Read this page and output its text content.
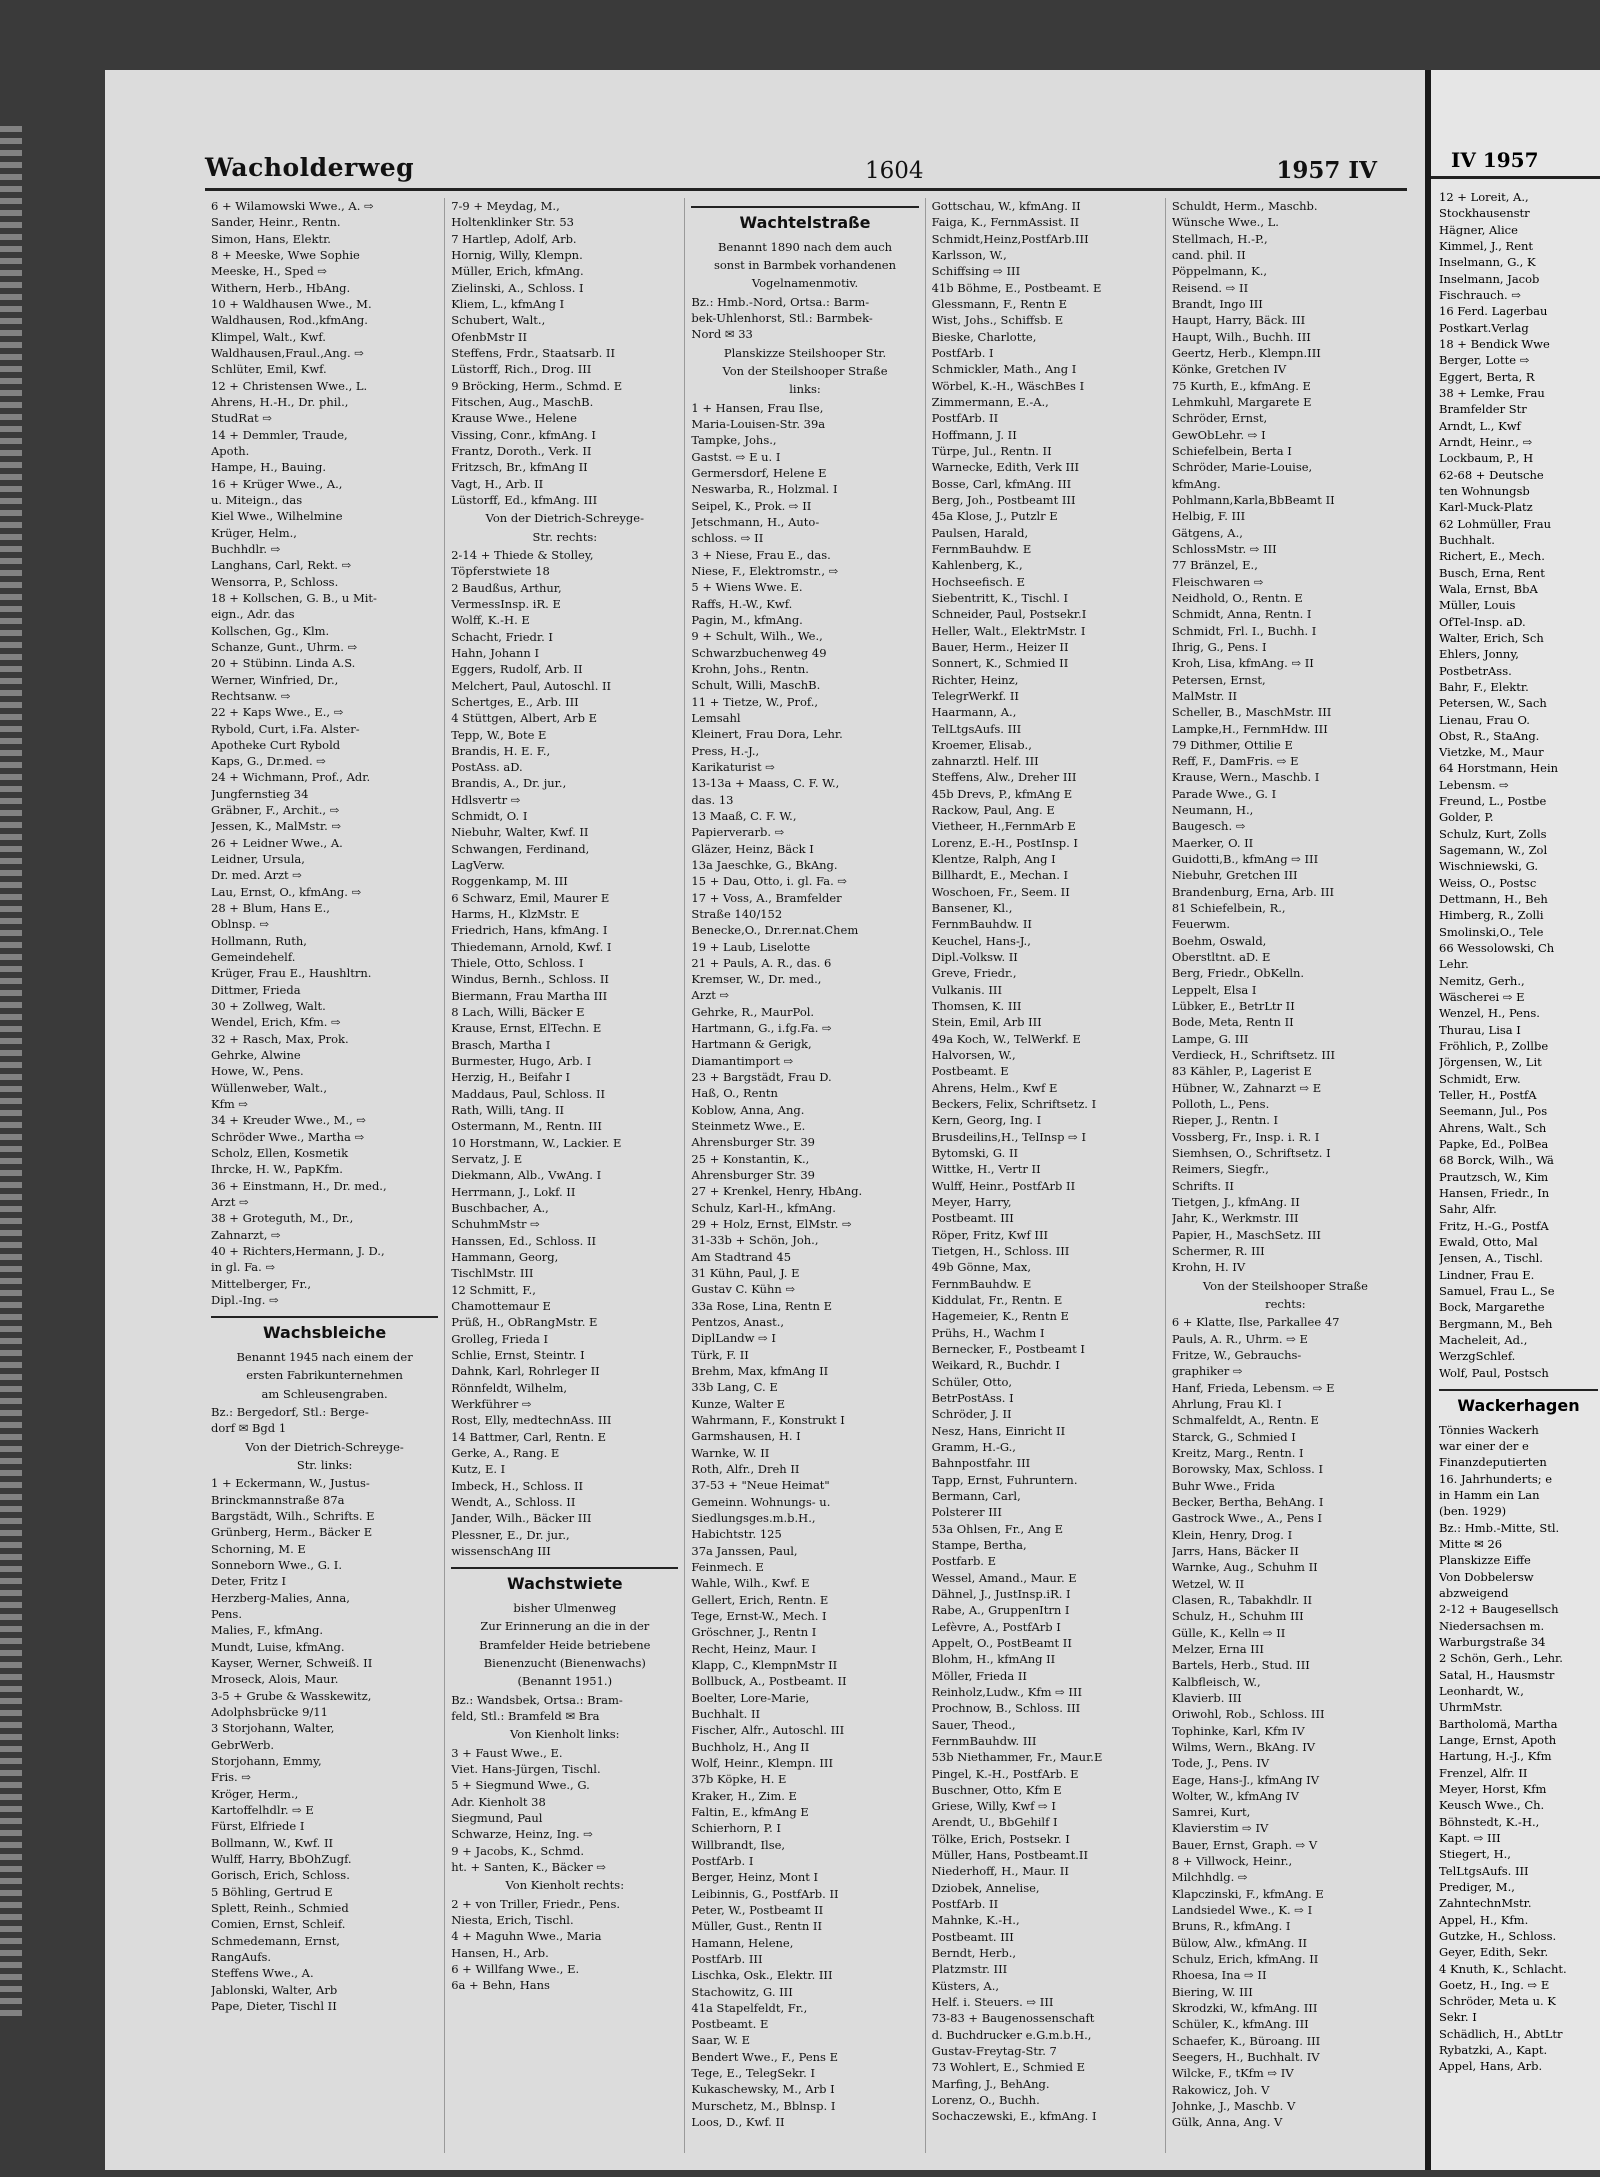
Wacholderweg	1604	1957 IV
6 + Wilamowski Wwe., A. ⇨
Sander, Heinr., Rentn.
Simon, Hans, Elektr.
8 + Meeske, Wwe Sophie
Meeske, H., Sped ⇨
Withern, Herb., HbAng.
10 + Waldhausen Wwe., M.
Waldhausen, Rod.,kfmAng.
Klimpel, Walt., Kwf.
Waldhausen,Fraul.,Ang. ⇨
Schlüter, Emil, Kwf.
12 + Christensen Wwe., L.
Ahrens, H.-H., Dr. phil.,
StudRat ⇨
14 + Demmler, Traude,
Apoth.
Hampe, H., Bauing.
16 + Krüger Wwe., A.,
u. Miteign., das
Kiel Wwe., Wilhelmine
Krüger, Helm.,
Buchhdlr. ⇨
Langhans, Carl, Rekt. ⇨
Wensorra, P., Schloss.
18 + Kollschen, G. B., u Mit-
eign., Adr. das
Kollschen, Gg., Klm.
Schanze, Gunt., Uhrm. ⇨
20 + Stübinn. Linda A.S.
Werner, Winfried, Dr.,
Rechtsanw. ⇨
22 + Kaps Wwe., E., ⇨
Rybold, Curt, i.Fa. Alster-
Apotheke Curt Rybold
Kaps, G., Dr.med. ⇨
24 + Wichmann, Prof., Adr.
Jungfernstieg 34
Gräbner, F., Archit., ⇨
Jessen, K., MalMstr. ⇨
26 + Leidner Wwe., A.
Leidner, Ursula,
Dr. med. Arzt ⇨
Lau, Ernst, O., kfmAng. ⇨
28 + Blum, Hans E.,
Oblnsp. ⇨
Hollmann, Ruth,
Gemeindehelf.
Krüger, Frau E., Haushltrn.
Dittmer, Frieda
30 + Zollweg, Walt.
Wendel, Erich, Kfm. ⇨
32 + Rasch, Max, Prok.
Gehrke, Alwine
Howe, W., Pens.
Wüllenweber, Walt.,
Kfm ⇨
34 + Kreuder Wwe., M., ⇨
Schröder Wwe., Martha ⇨
Scholz, Ellen, Kosmetik
Ihrcke, H. W., PapKfm.
36 + Einstmann, H., Dr. med.,
Arzt ⇨
38 + Groteguth, M., Dr.,
Zahnarzt, ⇨
40 + Richters,Hermann, J. D.,
in gl. Fa. ⇨
Mittelberger, Fr.,
Dipl.-Ing. ⇨
Wachsbleiche
Benannt 1945 nach einem der
ersten Fabrikunternehmen
am Schleusengraben.
Bz.: Bergedorf, Stl.: Berge-
dorf ✉ Bgd 1
Von der Dietrich-Schreyge-
Str. links:
1 + Eckermann, W., Justus-
Brinckmannstraße 87a
Bargstädt, Wilh., Schrifts. E
Grünberg, Herm., Bäcker E
Schorning, M. E
Sonneborn Wwe., G. I.
Deter, Fritz I
Herzberg-Malies, Anna,
Pens.
Malies, F., kfmAng.
Mundt, Luise, kfmAng.
Kayser, Werner, Schweiß. II
Mroseck, Alois, Maur.
3-5 + Grube & Wasskewitz,
Adolphsbrücke 9/11
3 Storjohann, Walter,
GebrWerb.
Storjohann, Emmy,
Fris. ⇨
Kröger, Herm.,
Kartoffelhdlr. ⇨ E
Fürst, Elfriede I
Bollmann, W., Kwf. II
Wulff, Harry, BbOhZugf.
Gorisch, Erich, Schloss.
5 Böhling, Gertrud E
Splett, Reinh., Schmied
Comien, Ernst, Schleif.
Schmedemann, Ernst,
RangAufs.
Steffens Wwe., A.
Jablonski, Walter, Arb
Pape, Dieter, Tischl II
7-9 + Meydag, M.,
Holtenklinker Str. 53
7 Hartlep, Adolf, Arb.
Hornig, Willy, Klempn.
Müller, Erich, kfmAng.
Zielinski, A., Schloss. I
Kliem, L., kfmAng I
Schubert, Walt.,
OfenbMstr II
Steffens, Frdr., Staatsarb. II
Lüstorff, Rich., Drog. III
9 Bröcking, Herm., Schmd. E
Fitschen, Aug., MaschB.
Krause Wwe., Helene
Vissing, Conr., kfmAng. I
Frantz, Doroth., Verk. II
Fritzsch, Br., kfmAng II
Vagt, H., Arb. II
Lüstorff, Ed., kfmAng. III
Von der Dietrich-Schreyge-
Str. rechts:
2-14 + Thiede & Stolley,
Töpferstwiete 18
2 Baudßus, Arthur,
VermessInsp. iR. E
Wolff, K.-H. E
Schacht, Friedr. I
Hahn, Johann I
Eggers, Rudolf, Arb. II
Melchert, Paul, Autoschl. II
Schertges, E., Arb. III
4 Stüttgen, Albert, Arb E
Tepp, W., Bote E
Brandis, H. E. F.,
PostAss. aD.
Brandis, A., Dr. jur.,
Hdlsvertr ⇨
Schmidt, O. I
Niebuhr, Walter, Kwf. II
Schwangen, Ferdinand,
LagVerw.
Roggenkamp, M. III
6 Schwarz, Emil, Maurer E
Harms, H., KlzMstr. E
Friedrich, Hans, kfmAng. I
Thiedemann, Arnold, Kwf. I
Thiele, Otto, Schloss. I
Windus, Bernh., Schloss. II
Biermann, Frau Martha III
8 Lach, Willi, Bäcker E
Krause, Ernst, ElTechn. E
Brasch, Martha I
Burmester, Hugo, Arb. I
Herzig, H., Beifahr I
Maddaus, Paul, Schloss. II
Rath, Willi, tAng. II
Ostermann, M., Rentn. III
10 Horstmann, W., Lackier. E
Servatz, J. E
Diekmann, Alb., VwAng. I
Herrmann, J., Lokf. II
Buschbacher, A.,
SchuhmMstr ⇨
Hanssen, Ed., Schloss. II
Hammann, Georg,
TischlMstr. III
12 Schmitt, F.,
Chamottemaur E
Prüß, H., ObRangMstr. E
Grolleg, Frieda I
Schlie, Ernst, Steintr. I
Dahnk, Karl, Rohrleger II
Rönnfeldt, Wilhelm,
Werkführer ⇨
Rost, Elly, medtechnAss. III
14 Battmer, Carl, Rentn. E
Gerke, A., Rang. E
Kutz, E. I
Imbeck, H., Schloss. II
Wendt, A., Schloss. II
Jander, Wilh., Bäcker III
Plessner, E., Dr. jur.,
wissenschAng III
Wachstwiete
bisher Ulmenweg
Zur Erinnerung an die in der
Bramfelder Heide betriebene
Bienenzucht (Bienenwachs)
(Benannt 1951.)
Bz.: Wandsbek, Ortsa.: Bram-
feld, Stl.: Bramfeld ✉ Bra
Von Kienholt links:
3 + Faust Wwe., E.
Viet. Hans-Jürgen, Tischl.
5 + Siegmund Wwe., G.
Adr. Kienholt 38
Siegmund, Paul
Schwarze, Heinz, Ing. ⇨
9 + Jacobs, K., Schmd.
ht. + Santen, K., Bäcker ⇨
Von Kienholt rechts:
2 + von Triller, Friedr., Pens.
Niesta, Erich, Tischl.
4 + Maguhn Wwe., Maria
Hansen, H., Arb.
6 + Willfang Wwe., E.
6a + Behn, Hans
Wachtelstraße
Benannt 1890 nach dem auch
sonst in Barmbek vorhandenen
Vogelnamenmotiv.
Bz.: Hmb.-Nord, Ortsa.: Barm-
bek-Uhlenhorst, Stl.: Barmbek-
Nord ✉ 33
Planskizze Steilshooper Str.
Von der Steilshooper Straße
links:
1 + Hansen, Frau Ilse,
Maria-Louisen-Str. 39a
Tampke, Johs.,
Gastst. ⇨ E u. I
Germersdorf, Helene E
Neswarba, R., Holzmal. I
Seipel, K., Prok. ⇨ II
Jetschmann, H., Auto-
schloss. ⇨ II
3 + Niese, Frau E., das.
Niese, F., Elektromstr., ⇨
5 + Wiens Wwe. E.
Raffs, H.-W., Kwf.
Pagin, M., kfmAng.
9 + Schult, Wilh., We.,
Schwarzbuchenweg 49
Krohn, Johs., Rentn.
Schult, Willi, MaschB.
11 + Tietze, W., Prof.,
Lemsahl
Kleinert, Frau Dora, Lehr.
Press, H.-J.,
Karikaturist ⇨
13-13a + Maass, C. F. W.,
das. 13
13 Maaß, C. F. W.,
Papierverarb. ⇨
Gläzer, Heinz, Bäck I
13a Jaeschke, G., BkAng.
15 + Dau, Otto, i. gl. Fa. ⇨
17 + Voss, A., Bramfelder
Straße 140/152
Benecke,O., Dr.rer.nat.Chem
19 + Laub, Liselotte
21 + Pauls, A. R., das. 6
Kremser, W., Dr. med.,
Arzt ⇨
Gehrke, R., MaurPol.
Hartmann, G., i.fg.Fa. ⇨
Hartmann & Gerigk,
Diamantimport ⇨
23 + Bargstädt, Frau D.
Haß, O., Rentn
Koblow, Anna, Ang.
Steinmetz Wwe., E.
Ahrensburger Str. 39
25 + Konstantin, K.,
Ahrensburger Str. 39
27 + Krenkel, Henry, HbAng.
Schulz, Karl-H., kfmAng.
29 + Holz, Ernst, ElMstr. ⇨
31-33b + Schön, Joh.,
Am Stadtrand 45
31 Kühn, Paul, J. E
Gustav C. Kühn ⇨
33a Rose, Lina, Rentn E
Pentzos, Anast.,
DiplLandw ⇨ I
Türk, F. II
Brehm, Max, kfmAng II
33b Lang, C. E
Kunze, Walter E
Wahrmann, F., Konstrukt I
Garmshausen, H. I
Warnke, W. II
Roth, Alfr., Dreh II
37-53 + "Neue Heimat"
Gemeinn. Wohnungs- u.
Siedlungsges.m.b.H.,
Habichtstr. 125
37a Janssen, Paul,
Feinmech. E
Wahle, Wilh., Kwf. E
Gellert, Erich, Rentn. E
Tege, Ernst-W., Mech. I
Gröschner, J., Rentn I
Recht, Heinz, Maur. I
Klapp, C., KlempnMstr II
Bollbuck, A., Postbeamt. II
Boelter, Lore-Marie,
Buchhalt. II
Fischer, Alfr., Autoschl. III
Buchholz, H., Ang II
Wolf, Heinr., Klempn. III
37b Köpke, H. E
Kraker, H., Zim. E
Faltin, E., kfmAng E
Schierhorn, P. I
Willbrandt, Ilse,
PostfArb. I
Berger, Heinz, Mont I
Leibinnis, G., PostfArb. II
Peter, W., Postbeamt II
Müller, Gust., Rentn II
Hamann, Helene,
PostfArb. III
Lischka, Osk., Elektr. III
Stachowitz, G. III
41a Stapelfeldt, Fr.,
Postbeamt. E
Saar, W. E
Bendert Wwe., F., Pens E
Tege, E., TelegSekr. I
Kukaschewsky, M., Arb I
Murschetz, M., Bblnsp. I
Loos, D., Kwf. II
Gottschau, W., kfmAng. II
Faiga, K., FernmAssist. II
Schmidt,Heinz,PostfArb.III
Karlsson, W.,
Schiffsing ⇨ III
41b Böhme, E., Postbeamt. E
Glessmann, F., Rentn E
Wist, Johs., Schiffsb. E
Bieske, Charlotte,
PostfArb. I
Schmickler, Math., Ang I
Wörbel, K.-H., WäschBes I
Zimmermann, E.-A.,
PostfArb. II
Hoffmann, J. II
Türpe, Jul., Rentn. II
Warnecke, Edith, Verk III
Bosse, Carl, kfmAng. III
Berg, Joh., Postbeamt III
45a Klose, J., Putzlr E
Paulsen, Harald,
FernmBauhdw. E
Kahlenberg, K.,
Hochseefisch. E
Siebentritt, K., Tischl. I
Schneider, Paul, Postsekr.I
Heller, Walt., ElektrMstr. I
Bauer, Herm., Heizer II
Sonnert, K., Schmied II
Richter, Heinz,
TelegrWerkf. II
Haarmann, A.,
TelLtgsAufs. III
Kroemer, Elisab.,
zahnarztl. Helf. III
Steffens, Alw., Dreher III
45b Drevs, P., kfmAng E
Rackow, Paul, Ang. E
Vietheer, H.,FernmArb E
Lorenz, E.-H., PostInsp. I
Klentze, Ralph, Ang I
Billhardt, E., Mechan. I
Woschoen, Fr., Seem. II
Bansener, Kl.,
FernmBauhdw. II
Keuchel, Hans-J.,
Dipl.-Volksw. II
Greve, Friedr.,
Vulkanis. III
Thomsen, K. III
Stein, Emil, Arb III
49a Koch, W., TelWerkf. E
Halvorsen, W.,
Postbeamt. E
Ahrens, Helm., Kwf E
Beckers, Felix, Schriftsetz. I
Kern, Georg, Ing. I
Brusdeilins,H., TelInsp ⇨ I
Bytomski, G. II
Wittke, H., Vertr II
Wulff, Heinr., PostfArb II
Meyer, Harry,
Postbeamt. III
Röper, Fritz, Kwf III
Tietgen, H., Schloss. III
49b Gönne, Max,
FernmBauhdw. E
Kiddulat, Fr., Rentn. E
Hagemeier, K., Rentn E
Prühs, H., Wachm I
Bernecker, F., Postbeamt I
Weikard, R., Buchdr. I
Schüler, Otto,
BetrPostAss. I
Schröder, J. II
Nesz, Hans, Einricht II
Gramm, H.-G.,
Bahnpostfahr. III
Tapp, Ernst, Fuhruntern.
Bermann, Carl,
Polsterer III
53a Ohlsen, Fr., Ang E
Stampe, Bertha,
Postfarb. E
Wessel, Amand., Maur. E
Dähnel, J., JustInsp.iR. I
Rabe, A., GruppenItrn I
Lefèvre, A., PostfArb I
Appelt, O., PostBeamt II
Blohm, H., kfmAng II
Möller, Frieda II
Reinholz,Ludw., Kfm ⇨ III
Prochnow, B., Schloss. III
Sauer, Theod.,
FernmBauhdw. III
53b Niethammer, Fr., Maur.E
Pingel, K.-H., PostfArb. E
Buschner, Otto, Kfm E
Griese, Willy, Kwf ⇨ I
Arendt, U., BbGehilf I
Tölke, Erich, Postsekr. I
Müller, Hans, Postbeamt.II
Niederhoff, H., Maur. II
Dziobek, Annelise,
PostfArb. II
Mahnke, K.-H.,
Postbeamt. III
Berndt, Herb.,
Platzmstr. III
Küsters, A.,
Helf. i. Steuers. ⇨ III
73-83 + Baugenossenschaft
d. Buchdrucker e.G.m.b.H.,
Gustav-Freytag-Str. 7
73 Wohlert, E., Schmied E
Marfing, J., BehAng.
Lorenz, O., Buchh.
Sochaczewski, E., kfmAng. I
Schuldt, Herm., Maschb.
Wünsche Wwe., L.
Stellmach, H.-P.,
cand. phil. II
Pöppelmann, K.,
Reisend. ⇨ II
Brandt, Ingo III
Haupt, Harry, Bäck. III
Haupt, Wilh., Buchh. III
Geertz, Herb., Klempn.III
Könke, Gretchen IV
75 Kurth, E., kfmAng. E
Lehmkuhl, Margarete E
Schröder, Ernst,
GewObLehr. ⇨ I
Schiefelbein, Berta I
Schröder, Marie-Louise,
kfmAng.
Pohlmann,Karla,BbBeamt II
Helbig, F. III
Gätgens, A.,
SchlossMstr. ⇨ III
77 Bränzel, E.,
Fleischwaren ⇨
Neidhold, O., Rentn. E
Schmidt, Anna, Rentn. I
Schmidt, Frl. I., Buchh. I
Ihrig, G., Pens. I
Kroh, Lisa, kfmAng. ⇨ II
Petersen, Ernst,
MalMstr. II
Scheller, B., MaschMstr. III
Lampke,H., FernmHdw. III
79 Dithmer, Ottilie E
Reff, F., DamFris. ⇨ E
Krause, Wern., Maschb. I
Parade Wwe., G. I
Neumann, H.,
Baugesch. ⇨
Maerker, O. II
Guidotti,B., kfmAng ⇨ III
Niebuhr, Gretchen III
Brandenburg, Erna, Arb. III
81 Schiefelbein, R.,
Feuerwm.
Boehm, Oswald,
Oberstltnt. aD. E
Berg, Friedr., ObKelln.
Leppelt, Elsa I
Lübker, E., BetrLtr II
Bode, Meta, Rentn II
Lampe, G. III
Verdieck, H., Schriftsetz. III
83 Kähler, P., Lagerist E
Hübner, W., Zahnarzt ⇨ E
Polloth, L., Pens.
Rieper, J., Rentn. I
Vossberg, Fr., Insp. i. R. I
Siemhsen, O., Schriftsetz. I
Reimers, Siegfr.,
Schrifts. II
Tietgen, J., kfmAng. II
Jahr, K., Werkmstr. III
Papier, H., MaschSetz. III
Schermer, R. III
Krohn, H. IV
Von der Steilshooper Straße
rechts:
6 + Klatte, Ilse, Parkallee 47
Pauls, A. R., Uhrm. ⇨ E
Fritze, W., Gebrauchs-
graphiker ⇨
Hanf, Frieda, Lebensm. ⇨ E
Ahrlung, Frau Kl. I
Schmalfeldt, A., Rentn. E
Starck, G., Schmied I
Kreitz, Marg., Rentn. I
Borowsky, Max, Schloss. I
Buhr Wwe., Frida
Becker, Bertha, BehAng. I
Gastrock Wwe., A., Pens I
Klein, Henry, Drog. I
Jarrs, Hans, Bäcker II
Warnke, Aug., Schuhm II
Wetzel, W. II
Clasen, R., Tabakhdlr. II
Schulz, H., Schuhm III
Gülle, K., Kelln ⇨ II
Melzer, Erna III
Bartels, Herb., Stud. III
Kalbfleisch, W.,
Klavierb. III
Oriwohl, Rob., Schloss. III
Tophinke, Karl, Kfm IV
Wilms, Wern., BkAng. IV
Tode, J., Pens. IV
Eage, Hans-J., kfmAng IV
Wolter, W., kfmAng IV
Samrei, Kurt,
Klavierstim ⇨ IV
Bauer, Ernst, Graph. ⇨ V
8 + Villwock, Heinr.,
Milchhdlg. ⇨
Klapczinski, F., kfmAng. E
Landsiedel Wwe., K. ⇨ I
Bruns, R., kfmAng. I
Bülow, Alw., kfmAng. II
Schulz, Erich, kfmAng. II
Rhoesa, Ina ⇨ II
Biering, W. III
Skrodzki, W., kfmAng. III
Schüler, K., kfmAng. III
Schaefer, K., Büroang. III
Seegers, H., Buchhalt. IV
Wilcke, F., tKfm ⇨ IV
Rakowicz, Joh. V
Johnke, J., Maschb. V
Gülk, Anna, Ang. V
IV 1957
12 + Loreit, A.,
Stockhausenstr
Hägner, Alice
Kimmel, J., Rent
Inselmann, G., K
Inselmann, Jacob
Fischrauch. ⇨
16 Ferd. Lagerbau
Postkart.Verlag
18 + Bendick Wwe
Berger, Lotte ⇨
Eggert, Berta, R
38 + Lemke, Frau
Bramfelder Str
Arndt, L., Kwf
Arndt, Heinr., ⇨
Lockbaum, P., H
62-68 + Deutsche
ten Wohnungsb
Karl-Muck-Platz
62 Lohmüller, Frau
Buchhalt.
Richert, E., Mech.
Busch, Erna, Rent
Wala, Ernst, BbA
Müller, Louis
OfTel-Insp. aD.
Walter, Erich, Sch
Ehlers, Jonny,
PostbetrAss.
Bahr, F., Elektr.
Petersen, W., Sach
Lienau, Frau O.
Obst, R., StaAng.
Vietzke, M., Maur
64 Horstmann, Hein
Lebensm. ⇨
Freund, L., Postbe
Golder, P.
Schulz, Kurt, Zolls
Sagemann, W., Zol
Wischniewski, G.
Weiss, O., Postsc
Dettmann, H., Beh
Himberg, R., Zolli
Smolinski,O., Tele
66 Wessolowski, Ch
Lehr.
Nemitz, Gerh.,
Wäscherei ⇨ E
Wenzel, H., Pens.
Thurau, Lisa I
Fröhlich, P., Zollbe
Jörgensen, W., Lit
Schmidt, Erw.
Teller, H., PostfA
Seemann, Jul., Pos
Ahrens, Walt., Sch
Papke, Ed., PolBea
68 Borck, Wilh., Wä
Prautzsch, W., Kim
Hansen, Friedr., In
Sahr, Alfr.
Fritz, H.-G., PostfA
Ewald, Otto, Mal
Jensen, A., Tischl.
Lindner, Frau E.
Samuel, Frau L., Se
Bock, Margarethe
Bergmann, M., Beh
Macheleit, Ad.,
WerzgSchlef.
Wolf, Paul, Postsch
Wackerhagen
Tönnies Wackerh
war einer der e
Finanzdeputierten
16. Jahrhunderts; e
in Hamm ein Lan
(ben. 1929)
Bz.: Hmb.-Mitte, Stl.
Mitte ✉ 26
Planskizze Eiffe
Von Dobbelersw
abzweigend
2-12 + Baugesellsch
Niedersachsen m.
Warburgstraße 34
2 Schön, Gerh., Lehr.
Satal, H., Hausmstr
Leonhardt, W.,
UhrmMstr.
Bartholomä, Martha
Lange, Ernst, Apoth
Hartung, H.-J., Kfm
Frenzel, Alfr. II
Meyer, Horst, Kfm
Keusch Wwe., Ch.
Böhnstedt, K.-H.,
Kapt. ⇨ III
Stiegert, H.,
TelLtgsAufs. III
Prediger, M.,
ZahntechnMstr.
Appel, H., Kfm.
Gutzke, H., Schloss.
Geyer, Edith, Sekr.
4 Knuth, K., Schlacht.
Goetz, H., Ing. ⇨ E
Schröder, Meta u. K
Sekr. I
Schädlich, H., AbtLtr
Rybatzki, A., Kapt.
Appel, Hans, Arb.
